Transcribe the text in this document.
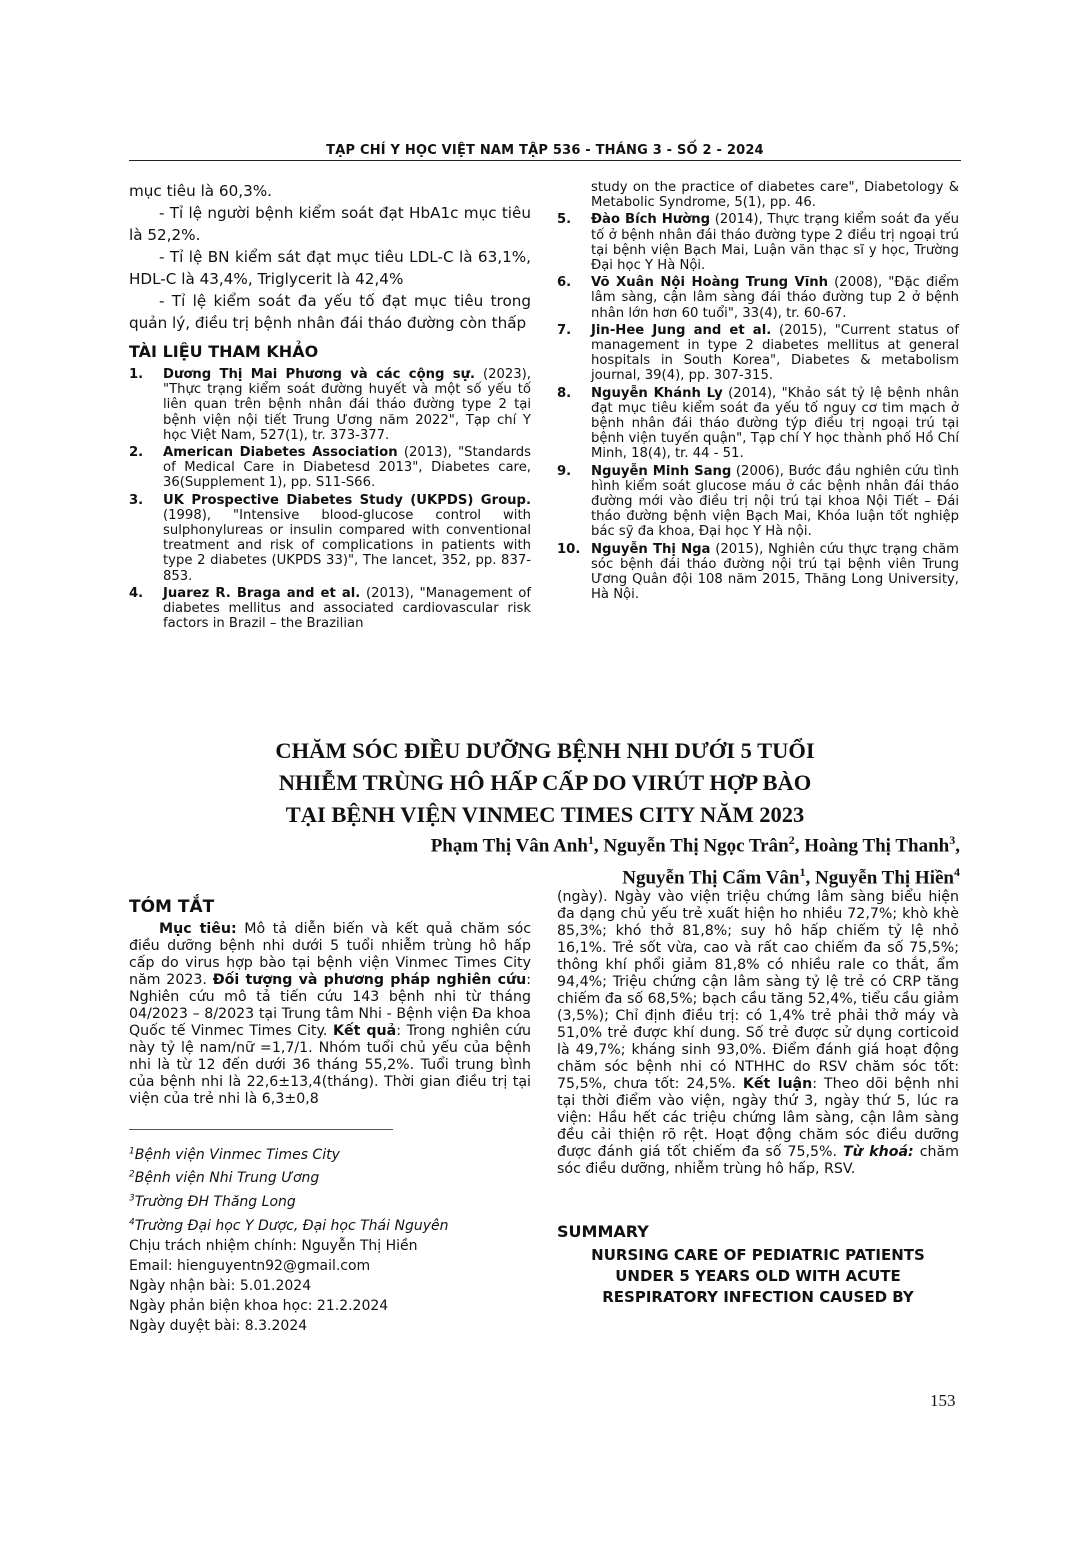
TẠP CHÍ Y HỌC VIỆT NAM TẬP 536 - THÁNG 3 - SỐ 2 - 2024

mục tiêu là 60,3%.

- Tỉ lệ người bệnh kiểm soát đạt HbA1c mục tiêu là 52,2%.

- Tỉ lệ BN kiểm sát đạt mục tiêu LDL-C là 63,1%, HDL-C là 43,4%, Triglycerit là 42,4%

- Tỉ lệ kiểm soát đa yếu tố đạt mục tiêu trong quản lý, điều trị bệnh nhân đái tháo đường còn thấp

TÀI LIỆU THAM KHẢO

1. Dương Thị Mai Phương và các cộng sự. (2023), "Thực trạng kiểm soát đường huyết và một số yếu tố liên quan trên bệnh nhân đái tháo đường type 2 tại bệnh viện nội tiết Trung Ương năm 2022", Tạp chí Y học Việt Nam, 527(1), tr. 373-377.
2. American Diabetes Association (2013), "Standards of Medical Care in Diabetesd 2013", Diabetes care, 36(Supplement 1), pp. S11-S66.
3. UK Prospective Diabetes Study (UKPDS) Group. (1998), "Intensive blood-glucose control with sulphonylureas or insulin compared with conventional treatment and risk of complications in patients with type 2 diabetes (UKPDS 33)", The lancet, 352, pp. 837-853.
4. Juarez R. Braga and et al. (2013), "Management of diabetes mellitus and associated cardiovascular risk factors in Brazil – the Brazilian
study on the practice of diabetes care", Diabetology & Metabolic Syndrome, 5(1), pp. 46.
5. Đào Bích Hường (2014), Thực trạng kiểm soát đa yếu tố ở bệnh nhân đái tháo đường type 2 điều trị ngoại trú tại bệnh viện Bạch Mai, Luận văn thạc sĩ y học, Trường Đại học Y Hà Nội.
6. Võ Xuân Nội Hoàng Trung Vĩnh (2008), "Đặc điểm lâm sàng, cận lâm sàng đái tháo đường tup 2 ở bệnh nhân lớn hơn 60 tuổi", 33(4), tr. 60-67.
7. Jin-Hee Jung and et al. (2015), "Current status of management in type 2 diabetes mellitus at general hospitals in South Korea", Diabetes & metabolism journal, 39(4), pp. 307-315.
8. Nguyễn Khánh Ly (2014), "Khảo sát tỷ lệ bệnh nhân đạt mục tiêu kiểm soát đa yếu tố nguy cơ tim mạch ở bệnh nhân đái tháo đường týp điều trị ngoại trú tại bệnh viện tuyến quận", Tạp chí Y học thành phố Hồ Chí Minh, 18(4), tr. 44 - 51.
9. Nguyễn Minh Sang (2006), Bước đầu nghiên cứu tình hình kiểm soát glucose máu ở các bệnh nhân đái tháo đường mới vào điều trị nội trú tại khoa Nội Tiết – Đái tháo đường bệnh viện Bạch Mai, Khóa luận tốt nghiệp bác sỹ đa khoa, Đại học Y Hà nội.
10. Nguyễn Thị Nga (2015), Nghiên cứu thực trạng chăm sóc bệnh đái tháo đường nội trú tại bệnh viên Trung Ương Quân đội 108 năm 2015, Thăng Long University, Hà Nội.
CHĂM SÓC ĐIỀU DƯỠNG BỆNH NHI DƯỚI 5 TUỔI
NHIỄM TRÙNG HÔ HẤP CẤP DO VIRÚT HỢP BÀO
TẠI BỆNH VIỆN VINMEC TIMES CITY NĂM 2023
Phạm Thị Vân Anh$^1$, Nguyễn Thị Ngọc Trân$^2$, Hoàng Thị Thanh$^3$,
Nguyễn Thị Cẩm Vân$^1$, Nguyễn Thị Hiền$^4$

TÓM TẮT

Mục tiêu: Mô tả diễn biến và kết quả chăm sóc điều dưỡng bệnh nhi dưới 5 tuổi nhiễm trùng hô hấp cấp do virus hợp bào tại bệnh viện Vinmec Times City năm 2023. Đối tượng và phương pháp nghiên cứu: Nghiên cứu mô tả tiến cứu 143 bệnh nhi từ tháng 04/2023 – 8/2023 tại Trung tâm Nhi - Bệnh viện Đa khoa Quốc tế Vinmec Times City. Kết quả: Trong nghiên cứu này tỷ lệ nam/nữ =1,7/1. Nhóm tuổi chủ yếu của bệnh nhi là từ 12 đến dưới 36 tháng 55,2%. Tuổi trung bình của bệnh nhi là 22,6±13,4(tháng). Thời gian điều trị tại viện của trẻ nhi là 6,3±0,8

$^1$Bệnh viện Vinmec Times City

$^2$Bệnh viện Nhi Trung Ương

$^3$Trường ĐH Thăng Long

$^4$Trường Đại học Y Dược, Đại học Thái Nguyên

Chịu trách nhiệm chính: Nguyễn Thị Hiền

Email: hienguyentn92@gmail.com

Ngày nhận bài: 5.01.2024

Ngày phản biện khoa học: 21.2.2024

Ngày duyệt bài: 8.3.2024

(ngày). Ngày vào viện triệu chứng lâm sàng biểu hiện đa dạng chủ yếu trẻ xuất hiện ho nhiều 72,7%; khò khè 85,3%; khó thở 81,8%; suy hô hấp chiếm tỷ lệ nhỏ 16,1%. Trẻ sốt vừa, cao và rất cao chiếm đa số 75,5%; thông khí phổi giảm 81,8% có nhiều rale co thắt, ẩm 94,4%; Triệu chứng cận lâm sàng tỷ lệ trẻ có CRP tăng chiếm đa số 68,5%; bạch cầu tăng 52,4%, tiểu cầu giảm (3,5%); Chỉ định điều trị: có 1,4% trẻ phải thở máy và 51,0% trẻ được khí dung. Số trẻ được sử dụng corticoid là 49,7%; kháng sinh 93,0%. Điểm đánh giá hoạt động chăm sóc bệnh nhi có NTHHC do RSV chăm sóc tốt: 75,5%, chưa tốt: 24,5%. Kết luận: Theo dõi bệnh nhi tại thời điểm vào viện, ngày thứ 3, ngày thứ 5, lúc ra viện: Hầu hết các triệu chứng lâm sàng, cận lâm sàng đều cải thiện rõ rệt. Hoạt động chăm sóc điều dưỡng được đánh giá tốt chiếm đa số 75,5%. Từ khoá: chăm sóc điều dưỡng, nhiễm trùng hô hấp, RSV.

SUMMARY
NURSING CARE OF PEDIATRIC PATIENTS
UNDER 5 YEARS OLD WITH ACUTE
RESPIRATORY INFECTION CAUSED BY
153
